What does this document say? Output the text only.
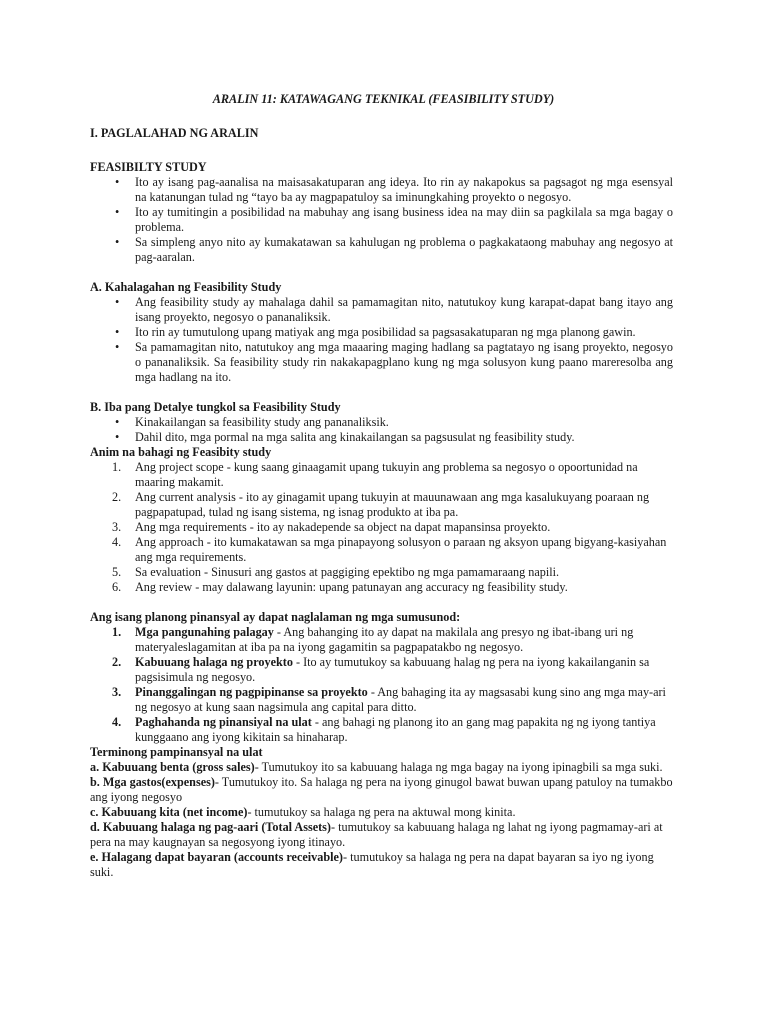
ARALIN 11: KATAWAGANG TEKNIKAL (FEASIBILITY STUDY)
I. PAGLALAHAD NG ARALIN
FEASIBILTY STUDY
• Ito ay isang pag-aanalisa na maisasakatuparan ang ideya. Ito rin ay nakapokus sa pagsagot ng mga esensyal na katanungan tulad ng “tayo ba ay magpapatuloy sa iminungkahing proyekto o negosyo.
• Ito ay tumitingin a posibilidad na mabuhay ang isang business idea na may diin sa pagkilala sa mga bagay o problema.
• Sa simpleng anyo nito ay kumakatawan sa kahulugan ng problema o pagkakataong mabuhay ang negosyo at pag-aaralan.
A. Kahalagahan ng Feasibility Study
• Ang feasibility study ay mahalaga dahil sa pamamagitan nito, natutukoy kung karapat-dapat bang itayo ang isang proyekto, negosyo o pananaliksik.
• Ito rin ay tumutulong upang matiyak ang mga posibilidad sa pagsasakatuparan ng mga planong gawin.
• Sa pamamagitan nito, natutukoy ang mga maaaring maging hadlang sa pagtatayo ng isang proyekto, negosyo o pananaliksik. Sa feasibility study rin nakakapagplano kung ng mga solusyon kung paano mareresolba ang mga hadlang na ito.
B. Iba pang Detalye tungkol sa Feasibility Study
• Kinakailangan sa feasibility study ang pananaliksik.
• Dahil dito, mga pormal na mga salita ang kinakailangan sa pagsusulat ng feasibility study.
Anim na bahagi ng Feasibity study
1. Ang project scope - kung saang ginaagamit upang tukuyin ang problema sa negosyo o opoortunidad na maaring makamit.
2. Ang current analysis - ito ay ginagamit upang tukuyin at mauunawaan ang mga kasalukuyang poaraan ng pagpapatupad, tulad ng isang sistema, ng isnag produkto at iba pa.
3. Ang mga requirements - ito ay nakadepende sa object na dapat mapansinsa proyekto.
4. Ang approach - ito kumakatawan sa mga pinapayong solusyon o paraan ng aksyon upang bigyang-kasiyahan ang mga requirements.
5. Sa evaluation - Sinusuri ang gastos at paggiging epektibo ng mga pamamaraang napili.
6. Ang review - may dalawang layunin: upang patunayan ang accuracy ng feasibility study.
Ang isang planong pinansyal ay dapat naglalaman ng mga sumusunod:
1. Mga pangunahing palagay - Ang bahanging ito ay dapat na makilala ang presyo ng ibat-ibang uri ng materyaleslagamitan at iba pa na iyong gagamitin sa pagpapatakbo ng negosyo.
2. Kabuuang halaga ng proyekto - Ito ay tumutukoy sa kabuuang halag ng pera na iyong kakailanganin sa pagsisimula ng negosyo.
3. Pinanggalingan ng pagpipinanse sa proyekto - Ang bahaging ita ay magsasabi kung sino ang mga may-ari ng negosyo at kung saan nagsimula ang capital para ditto.
4. Paghahanda ng pinansiyal na ulat - ang bahagi ng planong ito an gang mag papakita ng ng iyong tantiya kunggaano ang iyong kikitain sa hinaharap.
Terminong pampinansyal na ulat
a. Kabuuang benta (gross sales)- Tumutukoy ito sa kabuuang halaga ng mga bagay na iyong ipinagbili sa mga suki.
b. Mga gastos(expenses)- Tumutukoy ito. Sa halaga ng pera na iyong ginugol bawat buwan upang patuloy na tumakbo ang iyong negosyo
c. Kabuuang kita (net income)- tumutukoy sa halaga ng pera na aktuwal mong kinita.
d. Kabuuang halaga ng pag-aari (Total Assets)- tumutukoy sa kabuuang halaga ng lahat ng iyong pagmamay-ari at pera na may kaugnayan sa negosyong iyong itinayo.
e. Halagang dapat bayaran (accounts receivable)- tumutukoy sa halaga ng pera na dapat bayaran sa iyo ng iyong suki.
